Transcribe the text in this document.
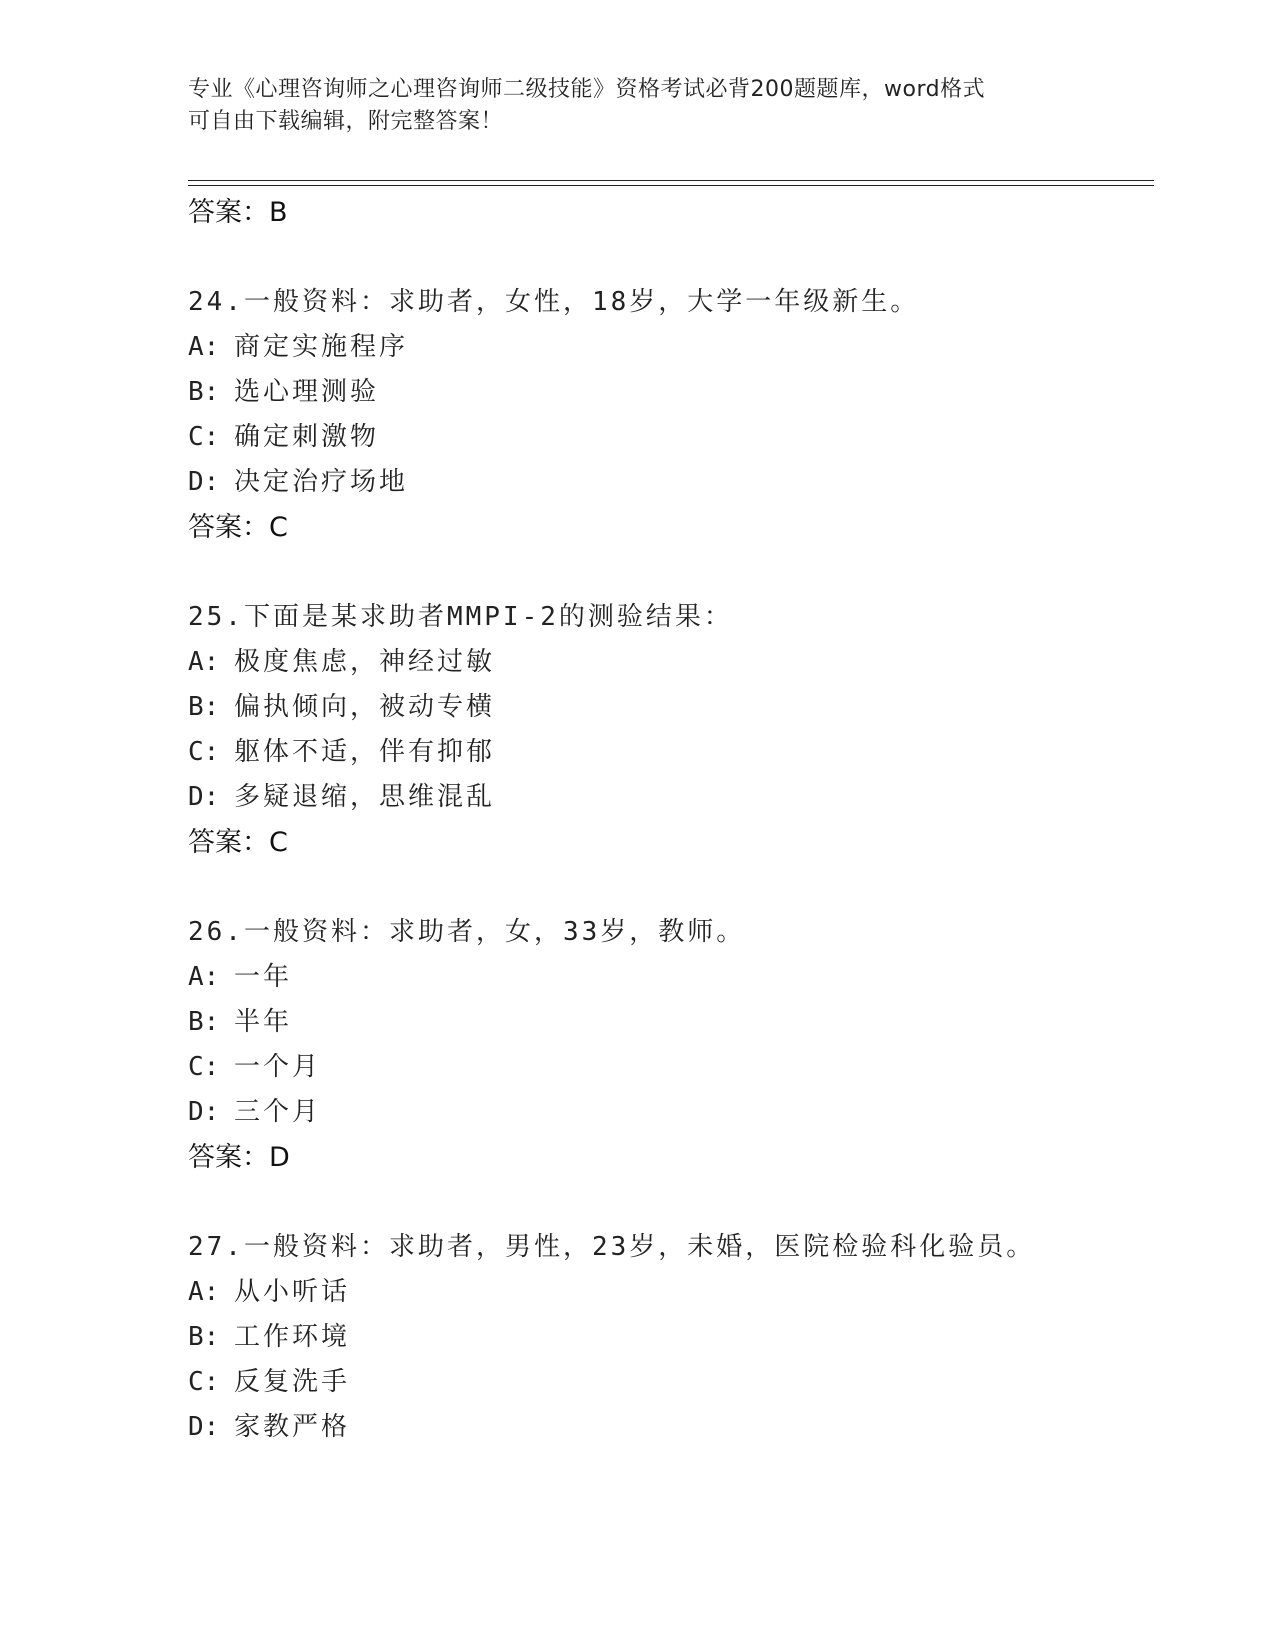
专业《心理咨询师之心理咨询师二级技能》资格考试必背200题题库，word格式
可自由下载编辑，附完整答案！
答案：B
24.一般资料：求助者，女性，18岁，大学一年级新生。
A: 商定实施程序
B: 选心理测验
C: 确定刺激物
D: 决定治疗场地
答案：C
25.下面是某求助者MMPI-2的测验结果：
A: 极度焦虑，神经过敏
B: 偏执倾向，被动专横
C: 躯体不适，伴有抑郁
D: 多疑退缩，思维混乱
答案：C
26.一般资料：求助者，女，33岁，教师。
A: 一年
B: 半年
C: 一个月
D: 三个月
答案：D
27.一般资料：求助者，男性，23岁，未婚，医院检验科化验员。
A: 从小听话
B: 工作环境
C: 反复洗手
D: 家教严格
